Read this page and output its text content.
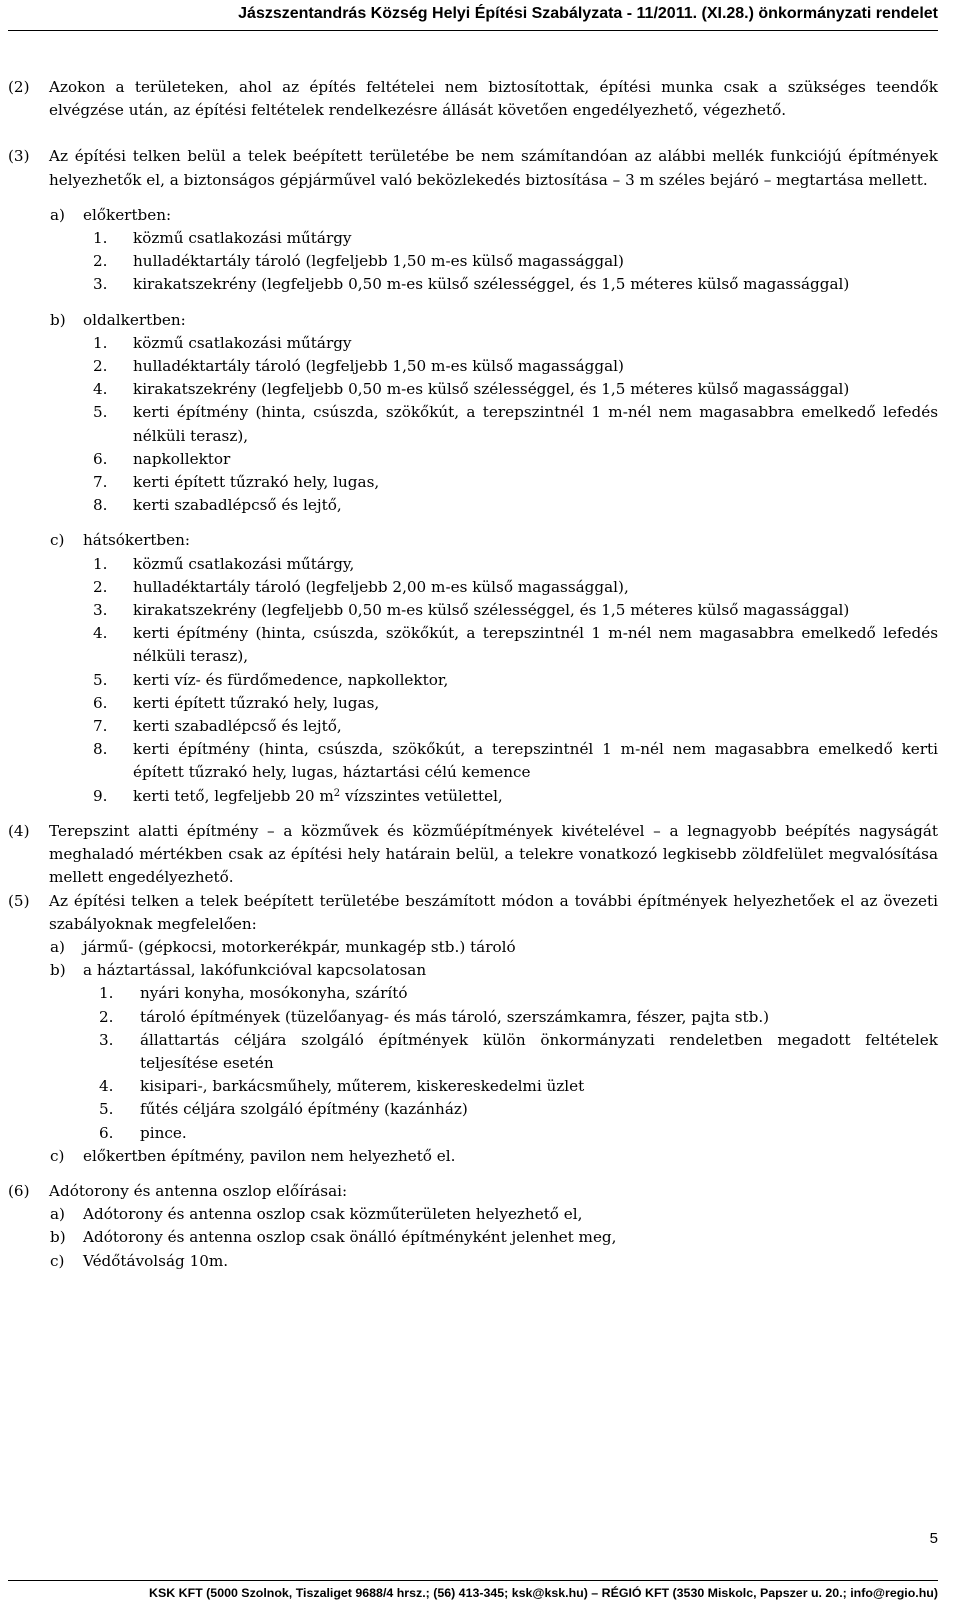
Jászszentandrás Község Helyi Építési Szabályzata - 11/2011. (XI.28.) önkormányzati rendelet
(2) Azokon a területeken, ahol az építés feltételei nem biztosítottak, építési munka csak a szükséges teendők elvégzése után, az építési feltételek rendelkezésre állását követően engedélyezhető, végezhető.
(3) Az építési telken belül a telek beépített területébe be nem számítandóan az alábbi mellék funkciójú építmények helyezhetők el, a biztonságos gépjárművel való beközlekedés biztosítása – 3 m széles bejáró – megtartása mellett.
a)	előkertben:
1. közmű csatlakozási műtárgy
2. hulladéktartály tároló (legfeljebb 1,50 m-es külső magassággal)
3. kirakatszekrény (legfeljebb 0,50 m-es külső szélességgel, és 1,5 méteres külső magassággal)
b)	oldalkertben:
1. közmű csatlakozási műtárgy
2. hulladéktartály tároló (legfeljebb 1,50 m-es külső magassággal)
4. kirakatszekrény (legfeljebb 0,50 m-es külső szélességgel, és 1,5 méteres külső magassággal)
5. kerti építmény (hinta, csúszda, szökőkút, a terepszintnél 1 m-nél nem magasabbra emelkedő lefedés nélküli terasz),
6. napkollektor
7. kerti épített tűzrakó hely, lugas,
8. kerti szabadlépcső és lejtő,
c)	hátsókertben:
1. közmű csatlakozási műtárgy,
2. hulladéktartály tároló (legfeljebb 2,00 m-es külső magassággal),
3. kirakatszekrény (legfeljebb 0,50 m-es külső szélességgel, és 1,5 méteres külső magassággal)
4. kerti építmény (hinta, csúszda, szökőkút, a terepszintnél 1 m-nél nem magasabbra emelkedő lefedés nélküli terasz),
5. kerti víz- és fürdőmedence, napkollektor,
6. kerti épített tűzrakó hely, lugas,
7. kerti szabadlépcső és lejtő,
8. kerti építmény (hinta, csúszda, szökőkút, a terepszintnél 1 m-nél nem magasabbra emelkedő kerti épített tűzrakó hely, lugas, háztartási célú kemence
9. kerti tető, legfeljebb 20 $m^2$ vízszintes vetülettel,
(4) Terepszint alatti építmény – a közművek és közműépítmények kivételével – a legnagyobb beépítés nagyságát meghaladó mértékben csak az építési hely határain belül, a telekre vonatkozó legkisebb zöldfelület megvalósítása mellett engedélyezhető.
(5) Az építési telken a telek beépített területébe beszámított módon a további építmények helyezhetőek el az övezeti szabályoknak megfelelően:
a)	jármű- (gépkocsi, motorkerékpár, munkagép stb.) tároló
b)	a háztartással, lakófunkcióval kapcsolatosan
1. nyári konyha, mosókonyha, szárító
2. tároló építmények (tüzelőanyag- és más tároló, szerszámkamra, fészer, pajta stb.)
3. állattartás céljára szolgáló építmények külön önkormányzati rendeletben megadott feltételek teljesítése esetén
4. kisipari-, barkácsműhely, műterem, kiskereskedelmi üzlet
5. fűtés céljára szolgáló építmény (kazánház)
6. pince.
c)	előkertben építmény, pavilon nem helyezhető el.
(6) Adótorony és antenna oszlop előírásai:
a)	Adótorony és antenna oszlop csak közműterületen helyezhető el,
b)	Adótorony és antenna oszlop csak önálló építményként jelenhet meg,
c)	Védőtávolság 10m.
5
KSK KFT (5000 Szolnok, Tiszaliget 9688/4 hrsz.; (56) 413-345; ksk@ksk.hu) – RÉGIÓ KFT (3530 Miskolc, Papszer u. 20.; info@regio.hu)
